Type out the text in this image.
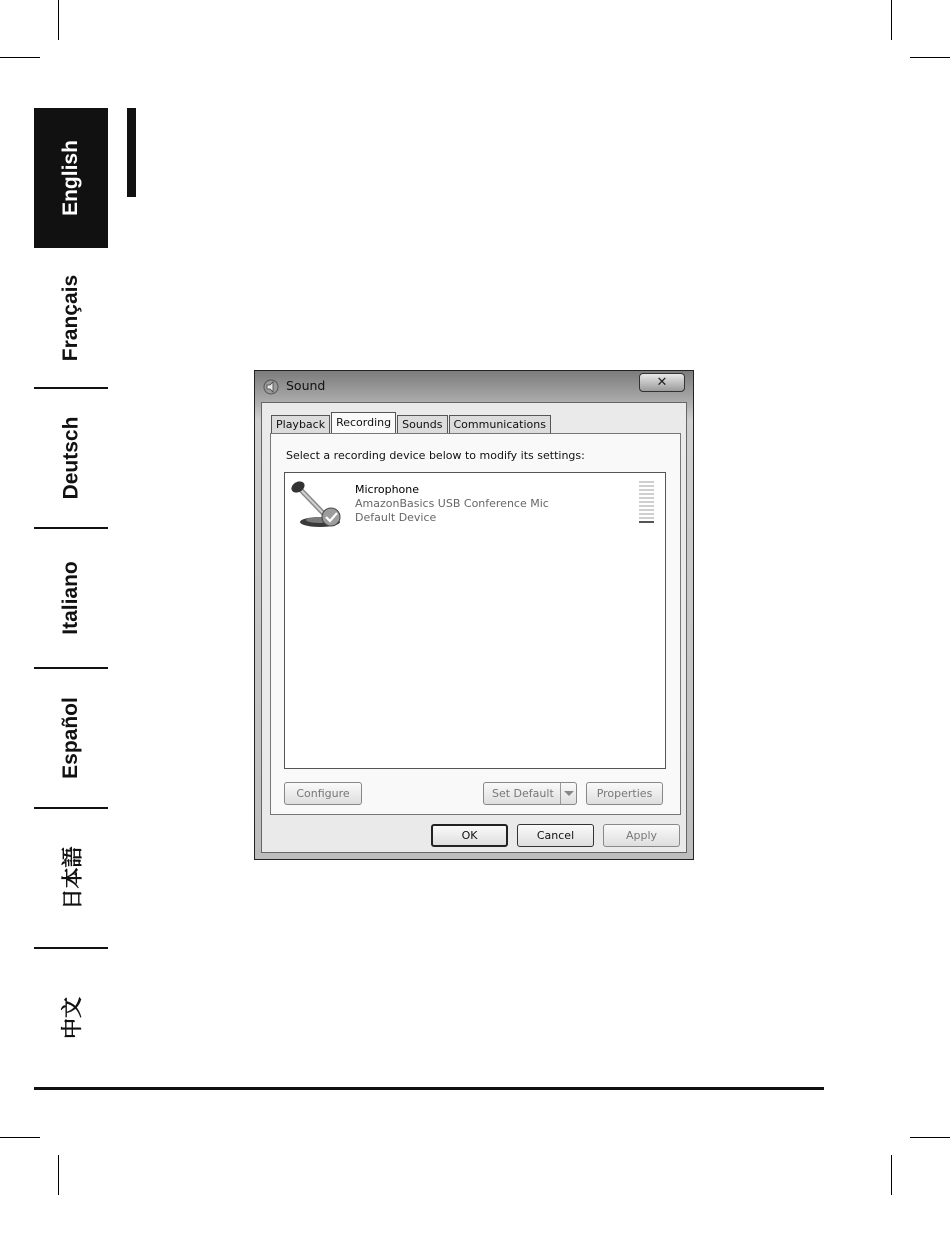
English
Français
Deutsch
Italiano
Español
日本語
中文
Sound	✕
Playback	Recording	Sounds	Communications
Select a recording device below to modify its settings:
Microphone
AmazonBasics USB Conference Mic
Default Device
Configure	Set Default	Properties
OK	Cancel	Apply
